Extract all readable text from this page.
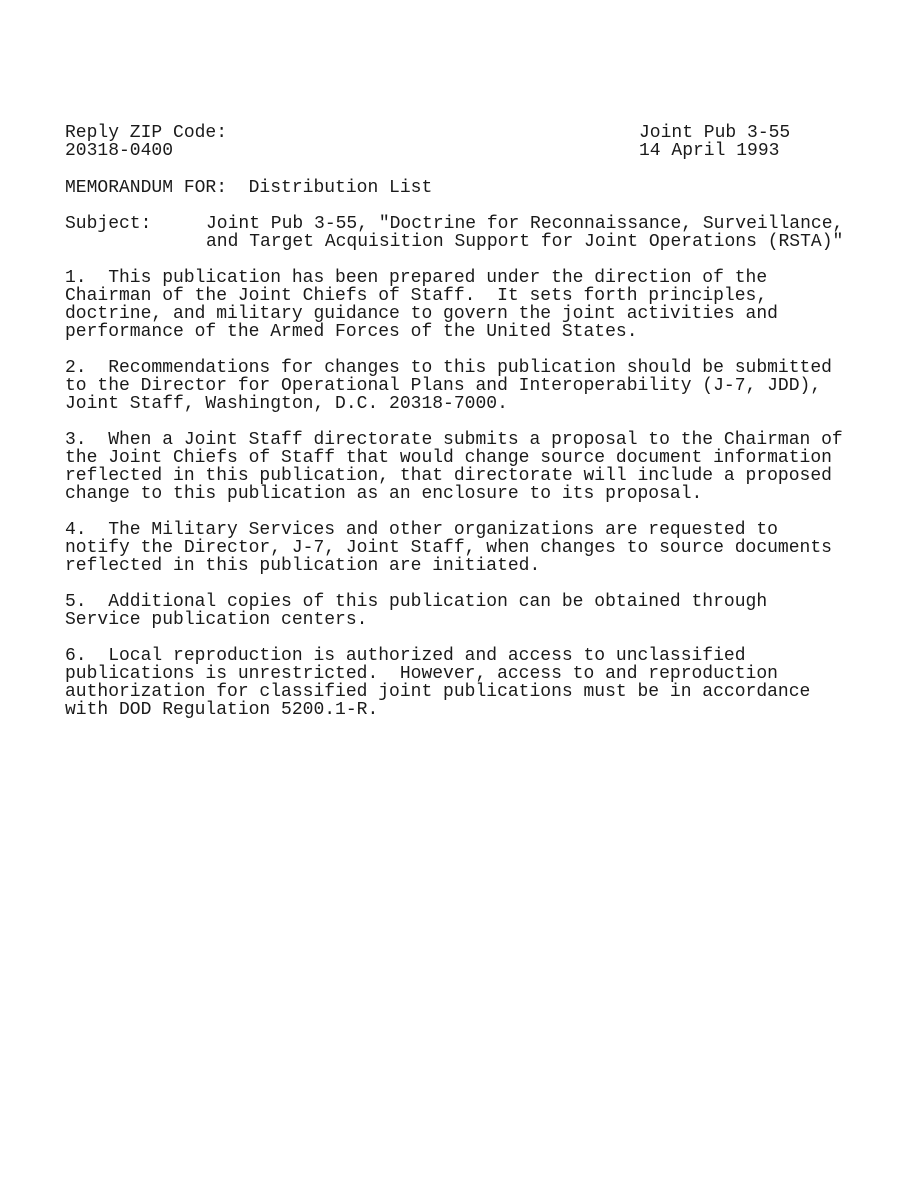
Reply ZIP Code:
20318-0400
Joint Pub 3-55
14 April 1993
MEMORANDUM FOR:  Distribution List
Subject:	Joint Pub 3-55, "Doctrine for Reconnaissance, Surveillance,
and Target Acquisition Support for Joint Operations (RSTA)"
1.  This publication has been prepared under the direction of the
Chairman of the Joint Chiefs of Staff.  It sets forth principles,
doctrine, and military guidance to govern the joint activities and
performance of the Armed Forces of the United States.
2.  Recommendations for changes to this publication should be submitted
to the Director for Operational Plans and Interoperability (J-7, JDD),
Joint Staff, Washington, D.C. 20318-7000.
3.  When a Joint Staff directorate submits a proposal to the Chairman of
the Joint Chiefs of Staff that would change source document information
reflected in this publication, that directorate will include a proposed
change to this publication as an enclosure to its proposal.
4.  The Military Services and other organizations are requested to
notify the Director, J-7, Joint Staff, when changes to source documents
reflected in this publication are initiated.
5.  Additional copies of this publication can be obtained through
Service publication centers.
6.  Local reproduction is authorized and access to unclassified
publications is unrestricted.  However, access to and reproduction
authorization for classified joint publications must be in accordance
with DOD Regulation 5200.1-R.
